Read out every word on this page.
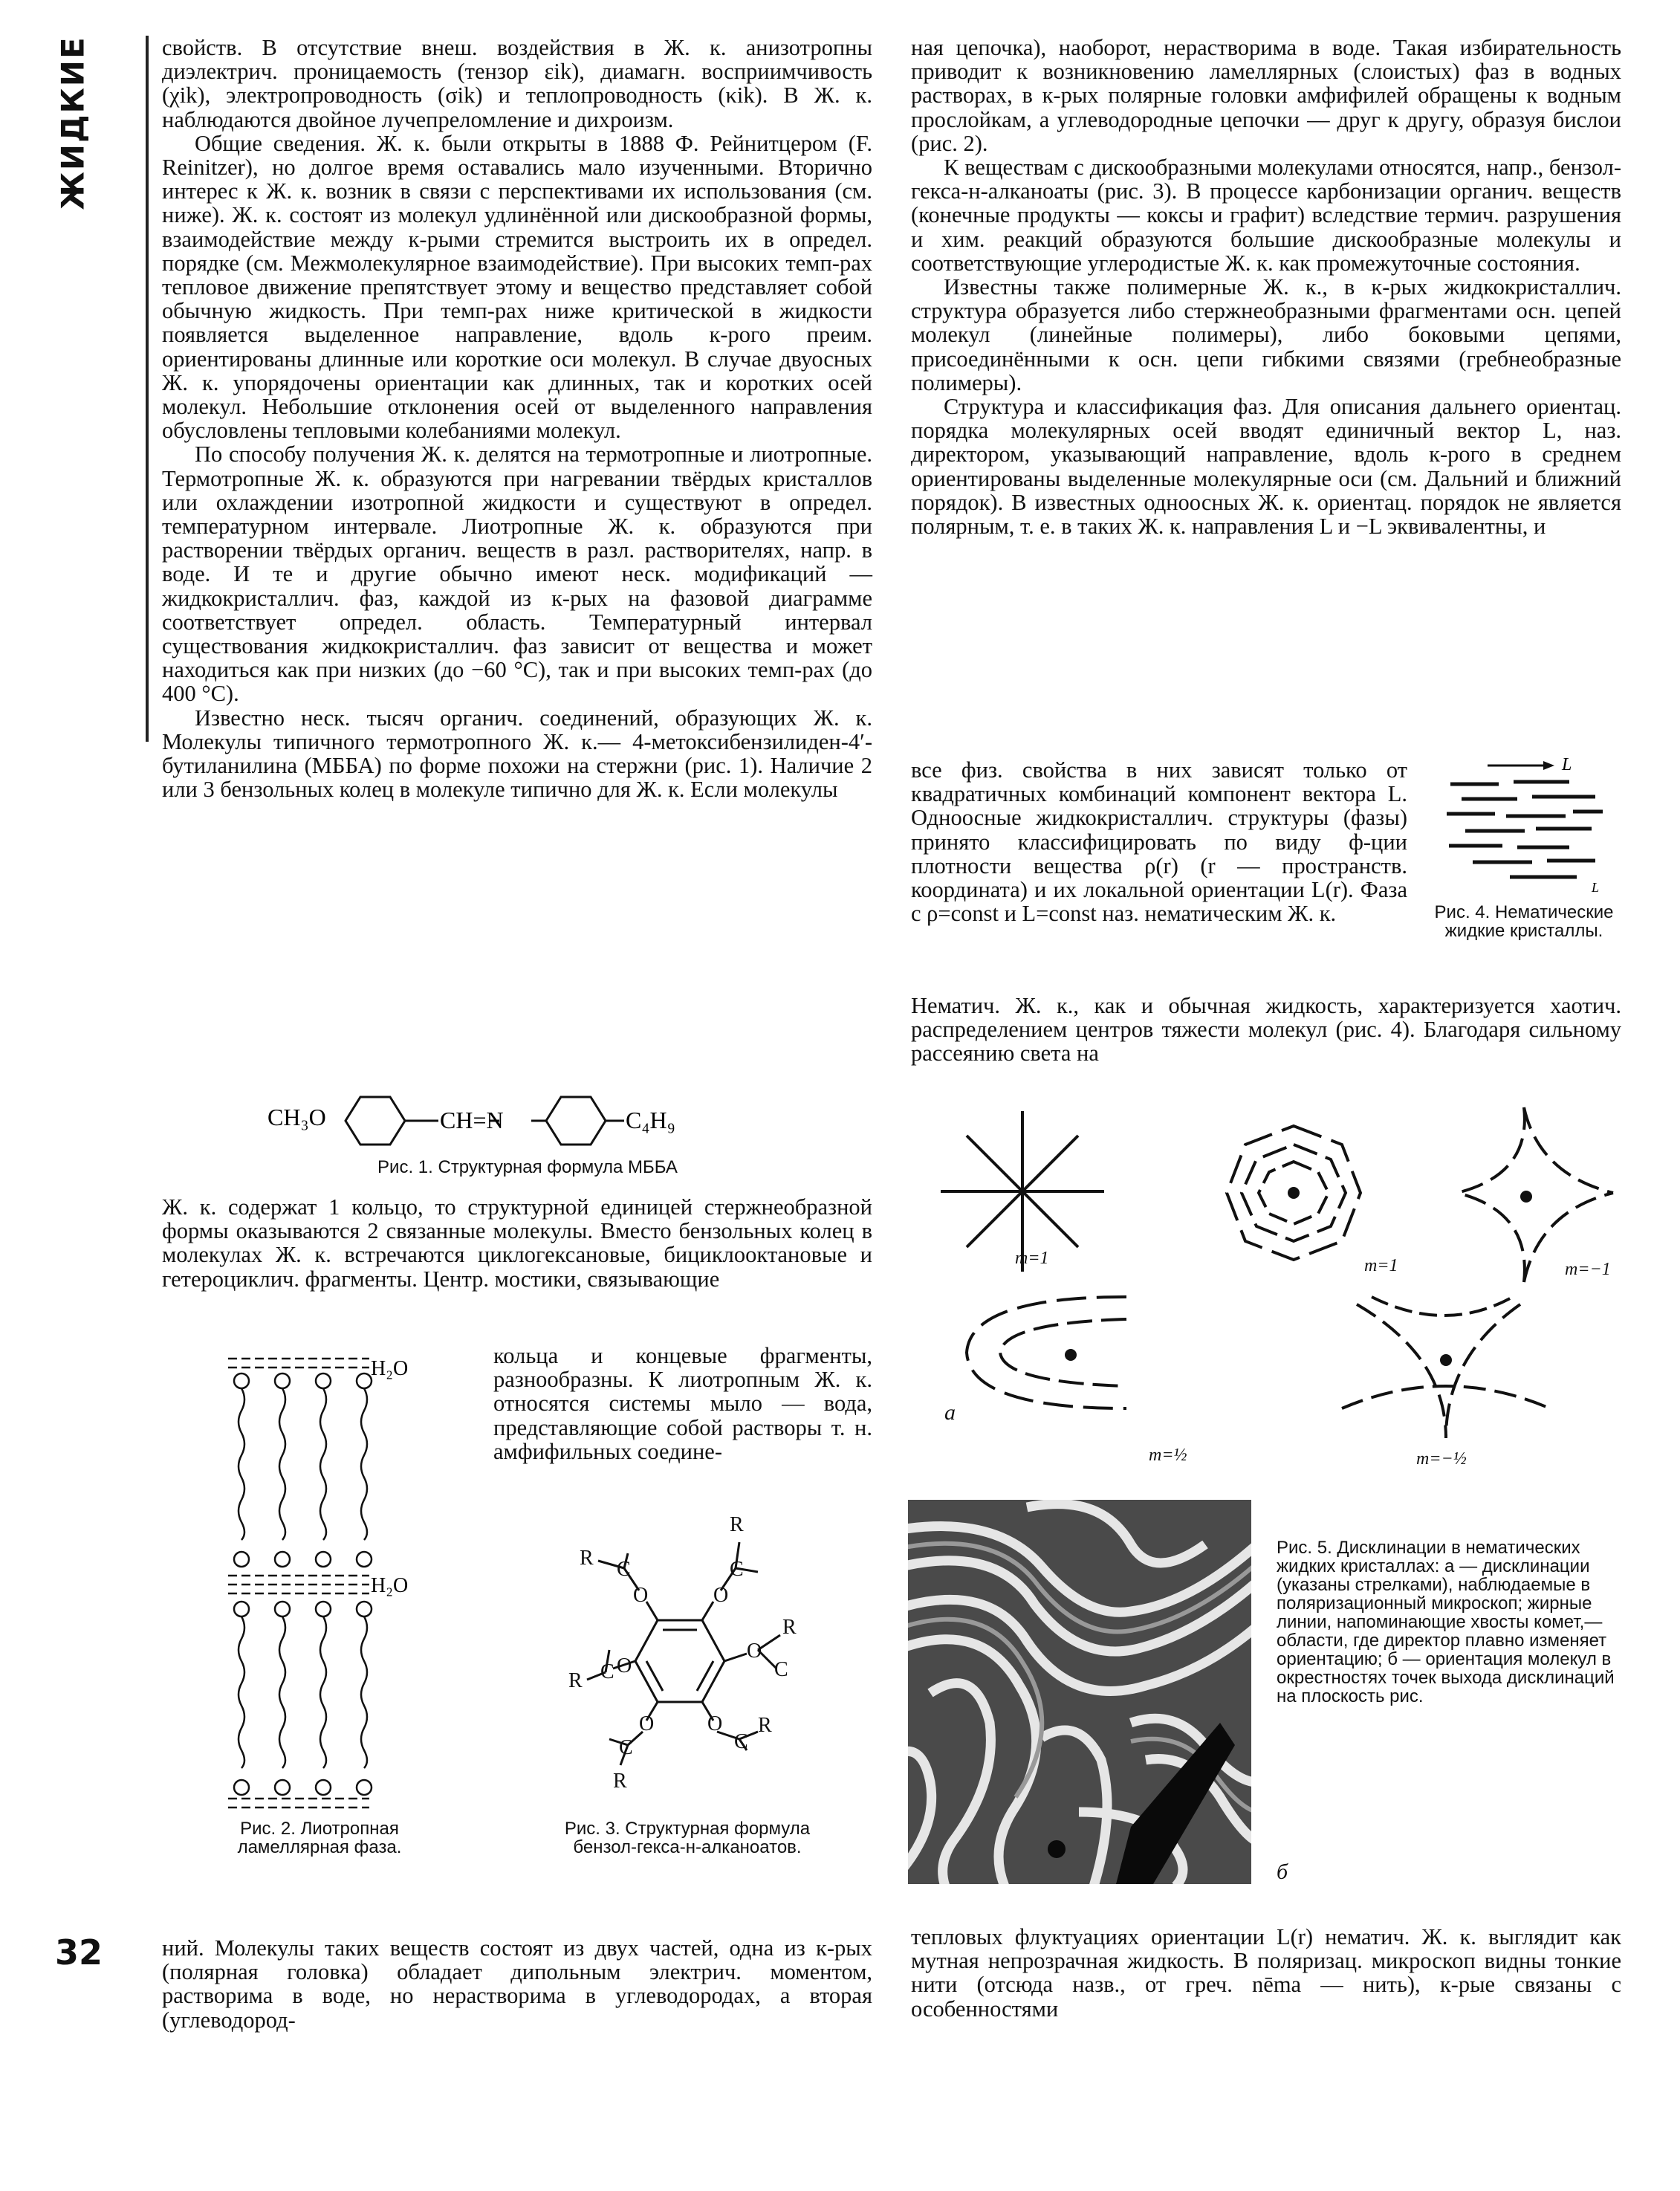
ЖИДКИЕ	свойств. В отсутствие внеш. воздействия в Ж. к. анизотропны диэлектрич. проницаемость (тензор εik), диамагн. восприимчивость (χik), электропроводность (σik) и теплопроводность (κik). В Ж. к. наблюдаются двойное лучепреломление и дихроизм.

Общие сведения. Ж. к. были открыты в 1888 Ф. Рейнитцером (F. Reinitzer), но долгое время оставались мало изученными. Вторично интерес к Ж. к. возник в связи с перспективами их использования (см. ниже). Ж. к. состоят из молекул удлинённой или дискообразной формы, взаимодействие между к-рыми стремится выстроить их в определ. порядке (см. Межмолекулярное взаимодействие). При высоких темп-рах тепловое движение препятствует этому и вещество представляет собой обычную жидкость. При темп-рах ниже критической в жидкости появляется выделенное направление, вдоль к-рого преим. ориентированы длинные или короткие оси молекул. В случае двуосных Ж. к. упорядочены ориентации как длинных, так и коротких осей молекул. Небольшие отклонения осей от выделенного направления обусловлены тепловыми колебаниями молекул.

По способу получения Ж. к. делятся на термотропные и лиотропные. Термотропные Ж. к. образуются при нагревании твёрдых кристаллов или охлаждении изотропной жидкости и существуют в определ. температурном интервале. Лиотропные Ж. к. образуются при растворении твёрдых органич. веществ в разл. растворителях, напр. в воде. И те и другие обычно имеют неск. модификаций — жидкокристаллич. фаз, каждой из к-рых на фазовой диаграмме соответствует определ. область. Температурный интервал существования жидкокристаллич. фаз зависит от вещества и может находиться как при низких (до −60 °С), так и при высоких темп-рах (до 400 °С).

Известно неск. тысяч органич. соединений, образующих Ж. к. Молекулы типичного термотропного Ж. к.— 4-метоксибензилиден-4′-бутиланилина (МББА) по форме похожи на стержни (рис. 1). Наличие 2 или 3 бензольных колец в молекуле типично для Ж. к. Если молекулы

CH₃O	CH=N	C₄H₉
Рис. 1. Структурная формула МББА

Ж. к. содержат 1 кольцо, то структурной единицей стержнеобразной формы оказываются 2 связанные молекулы. Вместо бензольных колец в молекулах Ж. к. встречаются циклогексановые, бициклооктановые и гетероциклич. фрагменты. Центр. мостики, связывающие

H₂O
H₂O
Рис. 2. Лиотропная ламеллярная фаза.

кольца и концевые фрагменты, разнообразны. К лиотропным Ж. к. относятся системы мыло — вода, представляющие собой растворы т. н. амфифильных соедине-

R
R C	C
O	O
R
C
O
R C O
O
O
C
C
R
R
Рис. 3. Структурная формула бензол-гекса-н-алканоатов.

ний. Молекулы таких веществ состоят из двух частей, одна из к-рых (полярная головка) обладает дипольным электрич. моментом, растворима в воде, но нерастворима в углеводородах, а вторая (углеводород-

ная цепочка), наоборот, нерастворима в воде. Такая избирательность приводит к возникновению ламеллярных (слоистых) фаз в водных растворах, в к-рых полярные головки амфифилей обращены к водным прослойкам, а углеводородные цепочки — друг к другу, образуя бислои (рис. 2).

К веществам с дискообразными молекулами относятся, напр., бензол-гекса-н-алканоаты (рис. 3). В процессе карбонизации органич. веществ (конечные продукты — коксы и графит) вследствие термич. разрушения и хим. реакций образуются большие дискообразные молекулы и соответствующие углеродистые Ж. к. как промежуточные состояния.

Известны также полимерные Ж. к., в к-рых жидкокристаллич. структура образуется либо стержнеобразными фрагментами осн. цепей молекул (линейные полимеры), либо боковыми цепями, присоединёнными к осн. цепи гибкими связями (гребнеобразные полимеры).

Структура и классификация фаз. Для описания дальнего ориентац. порядка молекулярных осей вводят единичный вектор L, наз. директором, указывающий направление, вдоль к-рого в среднем ориентированы выделенные молекулярные оси (см. Дальний и ближний порядок). В известных одноосных Ж. к. ориентац. порядок не является полярным, т. е. в таких Ж. к. направления L и −L эквивалентны, и

все физ. свойства в них зависят только от квадратичных комбинаций компонент вектора L. Одноосные жидкокристаллич. структуры (фазы) принято классифицировать по виду ф-ции плотности вещества ρ(r) (r — пространств. координата) и их локальной ориентации L(r). Фаза с ρ=const и L=const наз. нематическим Ж. к.

L
L
Рис. 4. Нематические жидкие кристаллы.

Нематич. Ж. к., как и обычная жидкость, характеризуется хаотич. распределением центров тяжести молекул (рис. 4). Благодаря сильному рассеянию света на

m=1	m=1	m=−1
m=½	m=−½
а
б
Рис. 5. Дисклинации в нематических жидких кристаллах: а — дисклинации (указаны стрелками), наблюдаемые в поляризационный микроскоп; жирные линии, напоминающие хвосты комет,— области, где директор плавно изменяет ориентацию; б — ориентация молекул в окрестностях точек выхода дисклинаций на плоскость рис.

тепловых флуктуациях ориентации L(r) нематич. Ж. к. выглядит как мутная непрозрачная жидкость. В поляризац. микроскоп видны тонкие нити (отсюда назв., от греч. nēma — нить), к-рые связаны с особенностями

32
